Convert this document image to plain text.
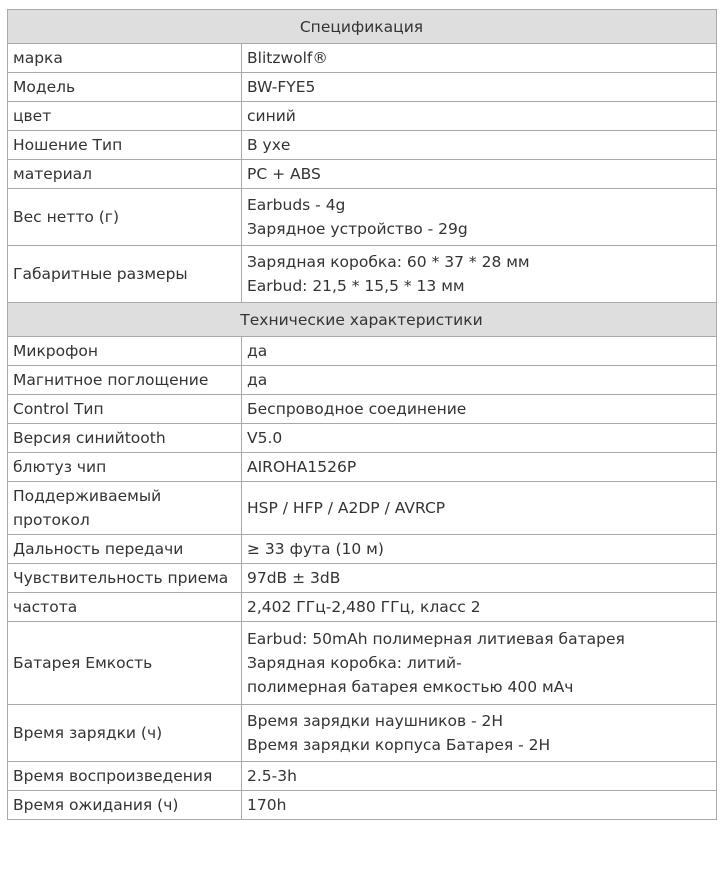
Спецификация	
марка	Blitzwolf®

Модель	BW-FYE5

цвет	синий

Ношение Тип	В ухе

материал	PC + ABS

Вес нетто (г)	Earbuds - 4g
Зарядное устройство - 29g

Габаритные размеры	Зарядная коробка: 60 * 37 * 28 мм
Earbud: 21,5 * 15,5 * 13 мм

Технические характеристики	
Микрофон	да

Магнитное поглощение	да

Control Тип	Беспроводное соединение

Версия синийtooth	V5.0

блютуз чип	AIROHA1526P

Поддерживаемый протокол	HSP / HFP / A2DP / AVRCP

Дальность передачи	≥ 33 фута (10 м)

Чувствительность приема	97dB ± 3dB

частота	2,402 ГГц-2,480 ГГц, класс 2

Батарея Емкость	Earbud: 50mAh полимерная литиевая батарея
Зарядная коробка: литий-
полимерная батарея емкостью 400 мАч

Время зарядки (ч)	Время зарядки наушников - 2H
Время зарядки корпуса Батарея - 2H

Время воспроизведения	2.5-3h

Время ожидания (ч)	170h
